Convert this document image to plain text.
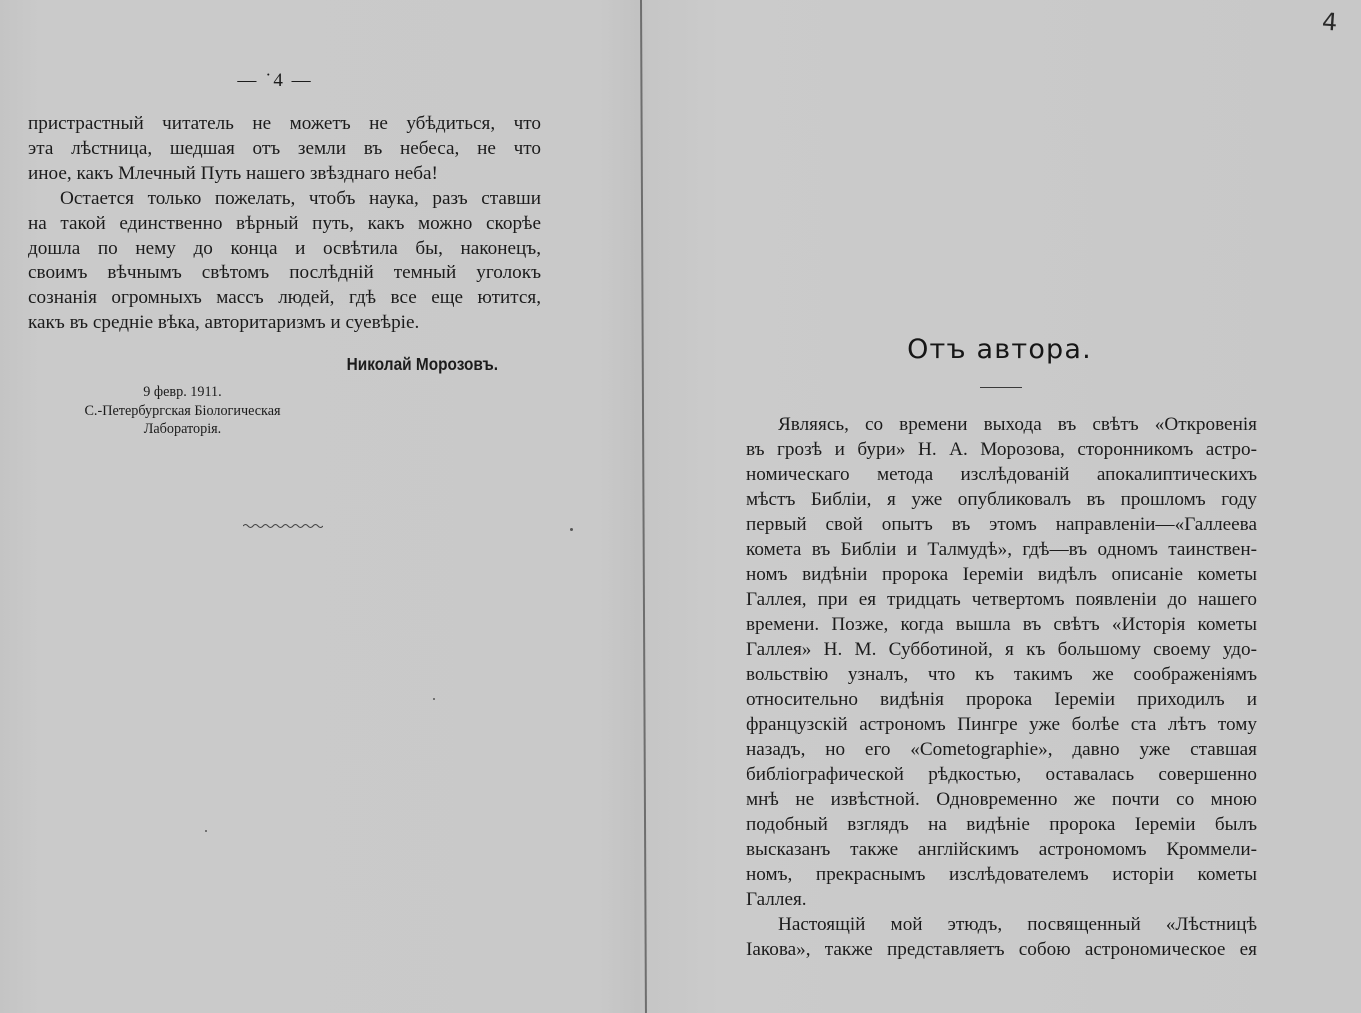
— ˙4 —
пристрастный читатель не можетъ не убѣдиться, что
эта лѣстница, шедшая отъ земли въ небеса, не что
иное, какъ Млечный Путь нашего звѣзднаго неба!
Остается только пожелать, чтобъ наука, разъ ставши
на такой единственно вѣрный путь, какъ можно скорѣе
дошла по нему до конца и освѣтила бы, наконецъ,
своимъ вѣчнымъ свѣтомъ послѣднiй темный уголокъ
сознанiя огромныхъ массъ людей, гдѣ все еще ютится,
какъ въ средніе вѣка, авторитаризмъ и суевѣріе.
Николай Морозовъ.
9 февр. 1911.
С.-Петербургская Біологическая
Лабораторія.
Отъ автора.
Являясь, со времени выхода въ свѣтъ «Откровенія
въ грозѣ и бури» Н. А. Морозова, сторонникомъ астро-
номическаго метода изслѣдованій апокалиптическихъ
мѣстъ Библіи, я уже опубликовалъ въ прошломъ году
первый свой опытъ въ этомъ направленіи—«Галлеева
комета въ Библіи и Талмудѣ», гдѣ—въ одномъ таинствен-
номъ видѣніи пророка Іереміи видѣлъ описаніе кометы
Галлея, при ея тридцать четвертомъ появленіи до нашего
времени. Позже, когда вышла въ свѣтъ «Исторія кометы
Галлея» Н. М. Субботиной, я къ большому своему удо-
вольствію узналъ, что къ такимъ же соображеніямъ
относительно видѣнія пророка Іереміи приходилъ и
французскій астрономъ Пингре уже болѣе ста лѣтъ тому
назадъ, но его «Cometographie», давно уже ставшая
библіографической рѣдкостью, оставалась совершенно
мнѣ не извѣстной. Одновременно же почти со мною
подобный взглядъ на видѣніе пророка Іереміи былъ
высказанъ также англійскимъ астрономомъ Кроммели-
номъ, прекраснымъ изслѣдователемъ исторіи кометы
Галлея.
Настоящій мой этюдъ, посвященный «Лѣстницѣ
Іакова», также представляетъ собою астрономическое ея
4
